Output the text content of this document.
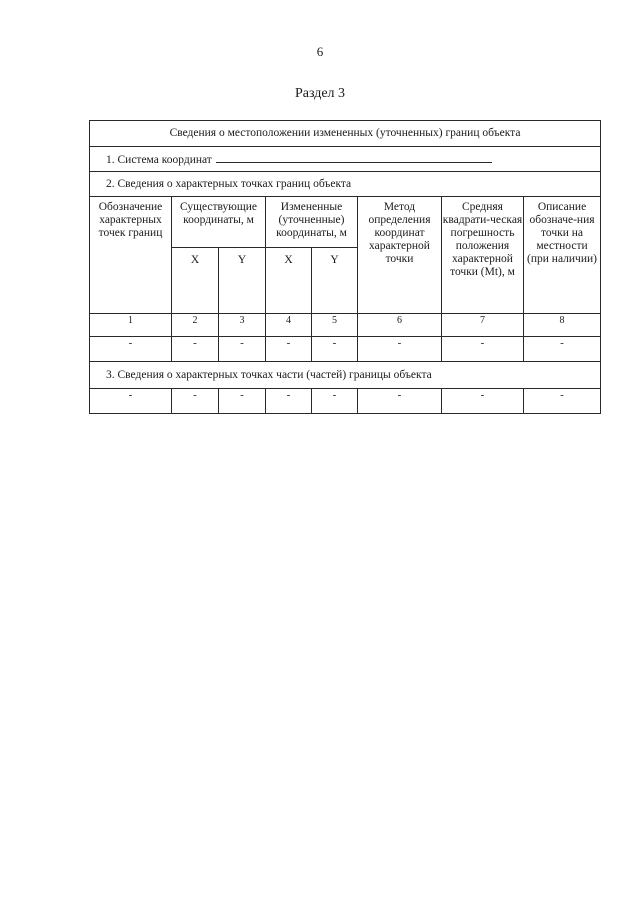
6
Раздел 3
Сведения о местоположении измененных (уточненных) границ объекта							
1. Система координат							
2. Сведения о характерных точках границ объекта							
Обозначение характерных точек границ	Существующие координаты, м		Измененные (уточненные) координаты, м		Метод определения координат характерной точки	Средняя квадрати-ческая погрешность положения характерной точки (Mt), м	Описание обозначе-ния точки на местности (при наличии)
	X	Y	X	Y			
1	2	3	4	5	6	7	8
-	-	-	-	-	-	-	-
3. Сведения о характерных точках части (частей) границы объекта							
-	-	-	-	-	-	-	-
